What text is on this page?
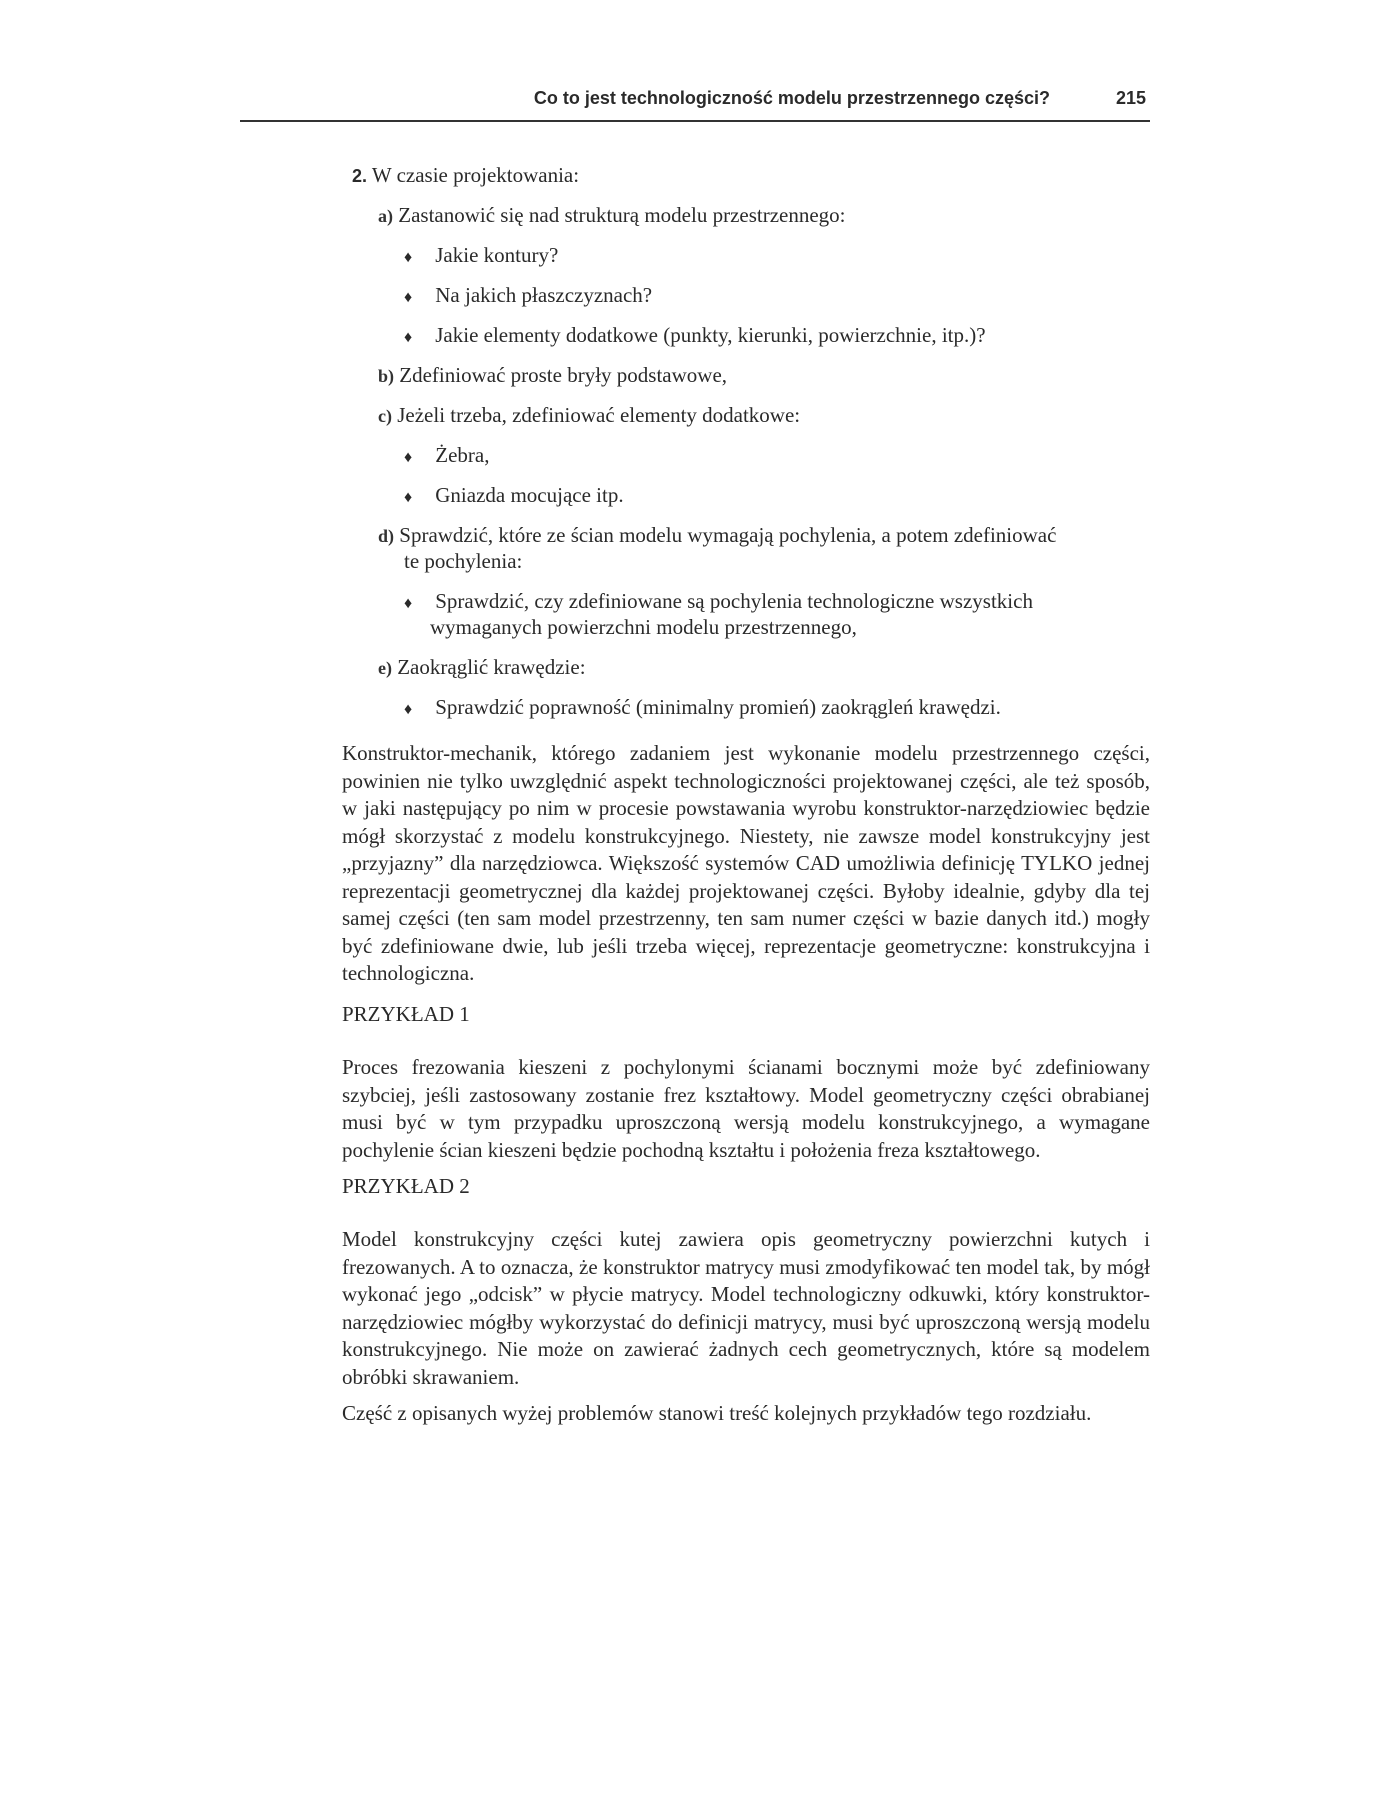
Co to jest technologiczność modelu przestrzennego części?	215
2. W czasie projektowania:
a) Zastanowić się nad strukturą modelu przestrzennego:
♦ Jakie kontury?
♦ Na jakich płaszczyznach?
♦ Jakie elementy dodatkowe (punkty, kierunki, powierzchnie, itp.)?
b) Zdefiniować proste bryły podstawowe,
c) Jeżeli trzeba, zdefiniować elementy dodatkowe:
♦ Żebra,
♦ Gniazda mocujące itp.
d) Sprawdzić, które ze ścian modelu wymagają pochylenia, a potem zdefiniować
te pochylenia:
♦ Sprawdzić, czy zdefiniowane są pochylenia technologiczne wszystkich
wymaganych powierzchni modelu przestrzennego,
e) Zaokrąglić krawędzie:
♦ Sprawdzić poprawność (minimalny promień) zaokrągleń krawędzi.

Konstruktor-mechanik, którego zadaniem jest wykonanie modelu przestrzennego części, powinien nie tylko uwzględnić aspekt technologiczności projektowanej części, ale też sposób, w jaki następujący po nim w procesie powstawania wyrobu konstruktor-narzędziowiec będzie mógł skorzystać z modelu konstrukcyjnego. Niestety, nie zawsze model konstrukcyjny jest „przyjazny” dla narzędziowca. Większość systemów CAD umożliwia definicję TYLKO jednej reprezentacji geometrycznej dla każdej projektowanej części. Byłoby idealnie, gdyby dla tej samej części (ten sam model przestrzenny, ten sam numer części w bazie danych itd.) mogły być zdefiniowane dwie, lub jeśli trzeba więcej, reprezentacje geometryczne: konstrukcyjna i technologiczna.

PRZYKŁAD 1

Proces frezowania kieszeni z pochylonymi ścianami bocznymi może być zdefiniowany szybciej, jeśli zastosowany zostanie frez kształtowy. Model geometryczny części obrabianej musi być w tym przypadku uproszczoną wersją modelu konstrukcyjnego, a wymagane pochylenie ścian kieszeni będzie pochodną kształtu i położenia freza kształtowego.

PRZYKŁAD 2

Model konstrukcyjny części kutej zawiera opis geometryczny powierzchni kutych i frezowanych. A to oznacza, że konstruktor matrycy musi zmodyfikować ten model tak, by mógł wykonać jego „odcisk” w płycie matrycy. Model technologiczny odkuwki, który konstruktor-narzędziowiec mógłby wykorzystać do definicji matrycy, musi być uproszczoną wersją modelu konstrukcyjnego. Nie może on zawierać żadnych cech geometrycznych, które są modelem obróbki skrawaniem.

Część z opisanych wyżej problemów stanowi treść kolejnych przykładów tego rozdziału.
